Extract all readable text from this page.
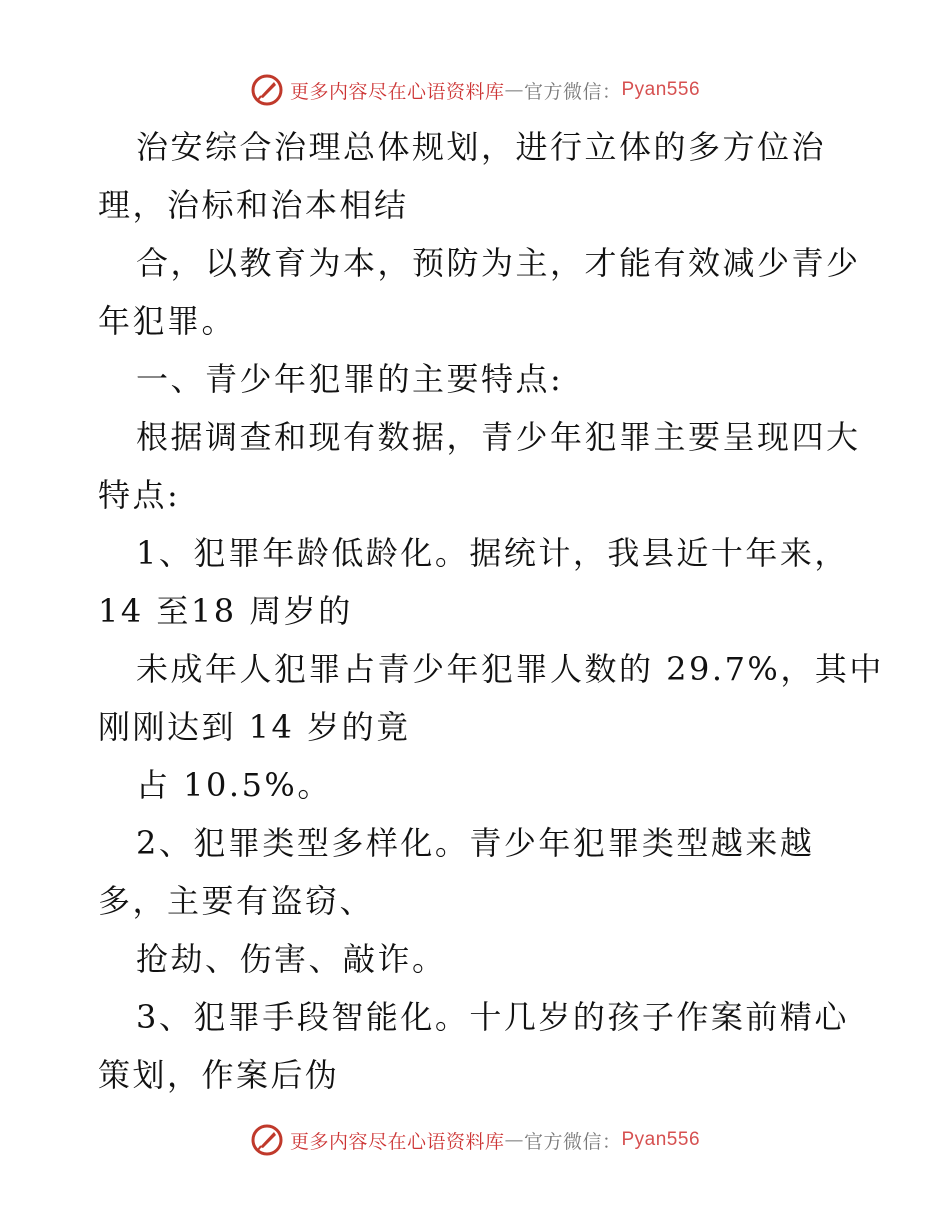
更多内容尽在心语资料库 — 官方微信： Pyan556
治安综合治理总体规划，进行立体的多方位治
理，治标和治本相结
合，以教育为本，预防为主，才能有效减少青少
年犯罪。
一、青少年犯罪的主要特点:
根据调查和现有数据，青少年犯罪主要呈现四大
特点:
1、犯罪年龄低龄化。据统计，我县近十年来，
14 至18 周岁的
未成年人犯罪占青少年犯罪人数的 29.7%，其中
刚刚达到 14 岁的竟
占 10.5%。
2、犯罪类型多样化。青少年犯罪类型越来越
多，主要有盗窃、
抢劫、伤害、敲诈。
3、犯罪手段智能化。十几岁的孩子作案前精心
策划，作案后伪
更多内容尽在心语资料库 — 官方微信： Pyan556
